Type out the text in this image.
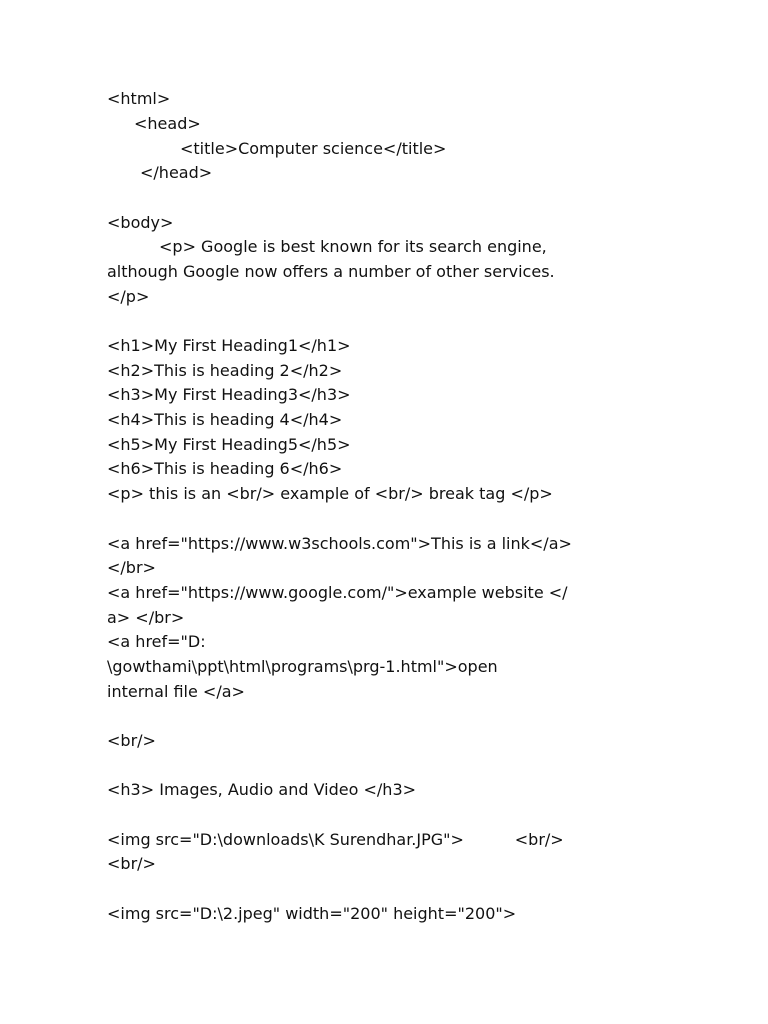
<html>
<head>
<title>Computer science</title>
</head>
<body>
<p> Google is best known for its search engine,
although Google now offers a number of other services.
</p>
<h1>My First Heading1</h1>
<h2>This is heading 2</h2>
<h3>My First Heading3</h3>
<h4>This is heading 4</h4>
<h5>My First Heading5</h5>
<h6>This is heading 6</h6>
<p> this is an <br/> example of <br/> break tag </p>
<a href="https://www.w3schools.com">This is a link</a>
</br>
<a href="https://www.google.com/">example website </
a> </br>
<a href="D:
\gowthami\ppt\html\programs\prg-1.html">open
internal file </a>
<br/>
<h3> Images, Audio and Video </h3>
<img src="D:\downloads\K Surendhar.JPG">          <br/>
<br/>
<img src="D:\2.jpeg" width="200" height="200">
